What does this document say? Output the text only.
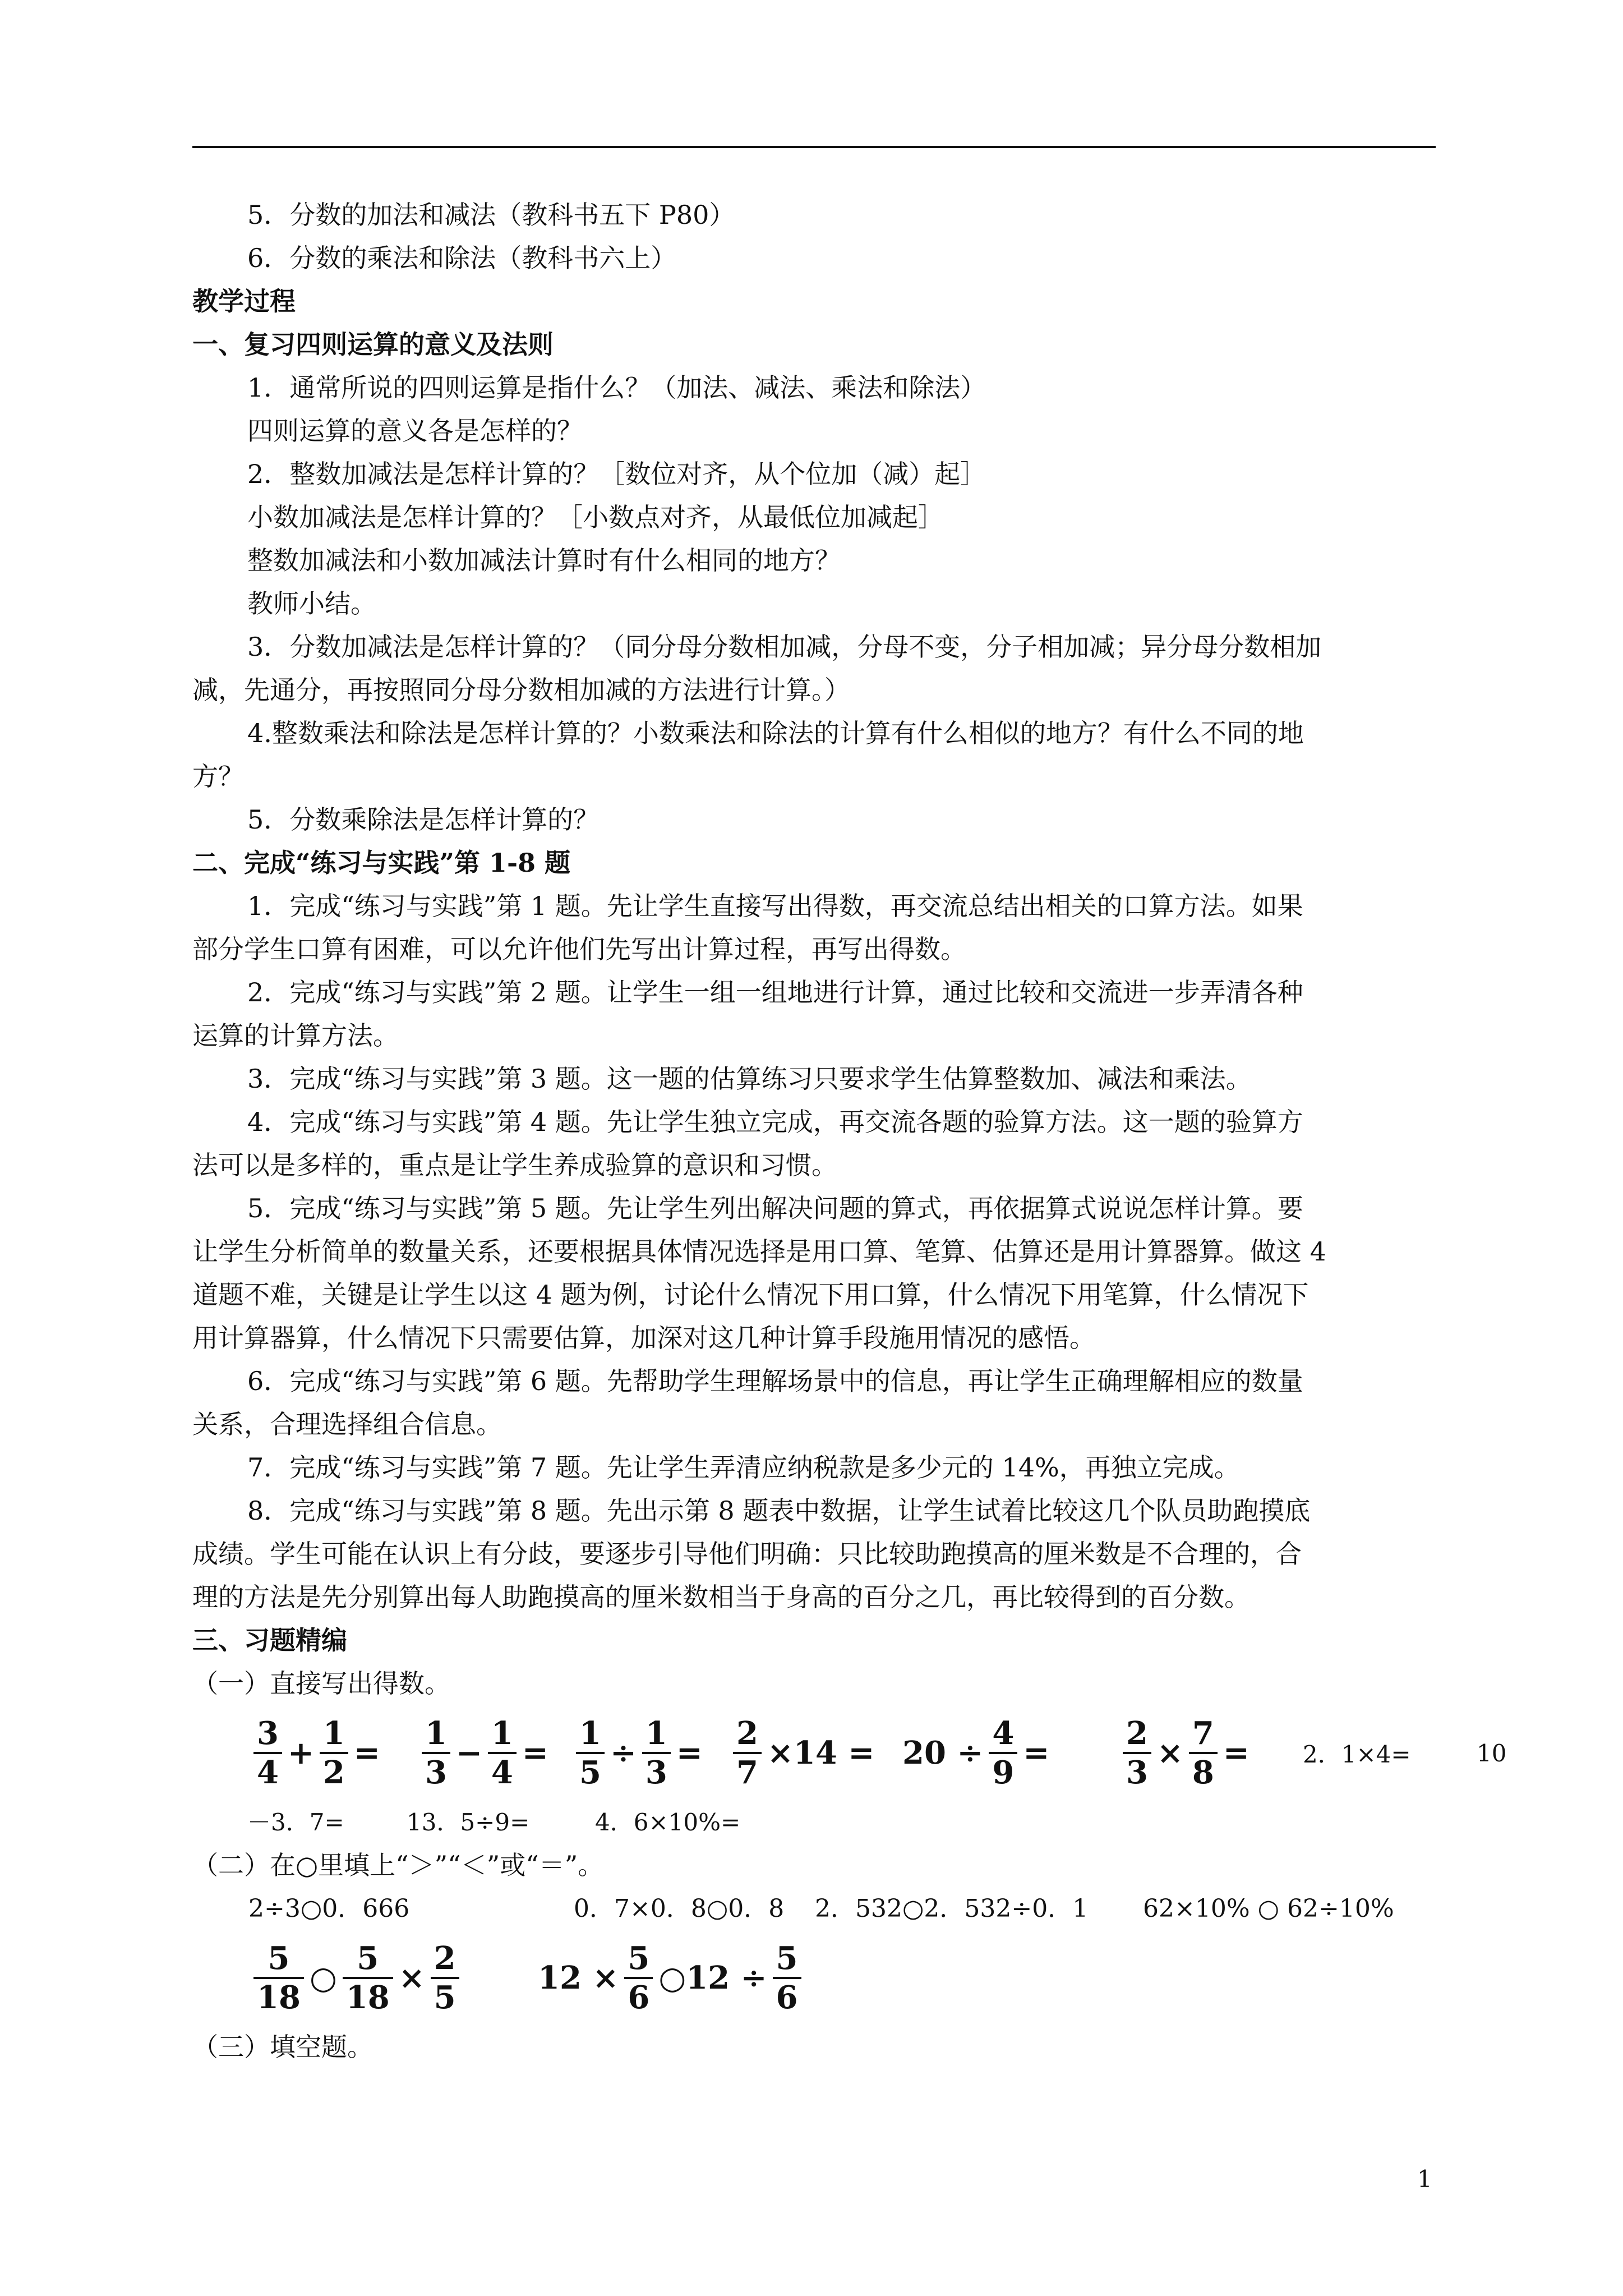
5．分数的加法和减法（教科书五下 P80）
6．分数的乘法和除法（教科书六上）
教学过程
一、复习四则运算的意义及法则
1．通常所说的四则运算是指什么？（加法、减法、乘法和除法）
四则运算的意义各是怎样的？
2．整数加减法是怎样计算的？［数位对齐，从个位加（减）起］
小数加减法是怎样计算的？［小数点对齐，从最低位加减起］
整数加减法和小数加减法计算时有什么相同的地方？
教师小结。
3．分数加减法是怎样计算的？（同分母分数相加减，分母不变，分子相加减；异分母分数相加
减，先通分，再按照同分母分数相加减的方法进行计算。）
4.整数乘法和除法是怎样计算的？小数乘法和除法的计算有什么相似的地方？有什么不同的地
方？
5．分数乘除法是怎样计算的？
二、完成“练习与实践”第 1-8 题
1．完成“练习与实践”第 1 题。先让学生直接写出得数，再交流总结出相关的口算方法。如果
部分学生口算有困难，可以允许他们先写出计算过程，再写出得数。
2．完成“练习与实践”第 2 题。让学生一组一组地进行计算，通过比较和交流进一步弄清各种
运算的计算方法。
3．完成“练习与实践”第 3 题。这一题的估算练习只要求学生估算整数加、减法和乘法。
4．完成“练习与实践”第 4 题。先让学生独立完成，再交流各题的验算方法。这一题的验算方
法可以是多样的，重点是让学生养成验算的意识和习惯。
5．完成“练习与实践”第 5 题。先让学生列出解决问题的算式，再依据算式说说怎样计算。要
让学生分析简单的数量关系，还要根据具体情况选择是用口算、笔算、估算还是用计算器算。做这 4
道题不难，关键是让学生以这 4 题为例，讨论什么情况下用口算，什么情况下用笔算，什么情况下
用计算器算，什么情况下只需要估算，加深对这几种计算手段施用情况的感悟。
6．完成“练习与实践”第 6 题。先帮助学生理解场景中的信息，再让学生正确理解相应的数量
关系，合理选择组合信息。
7．完成“练习与实践”第 7 题。先让学生弄清应纳税款是多少元的 14%，再独立完成。
8．完成“练习与实践”第 8 题。先出示第 8 题表中数据，让学生试着比较这几个队员助跑摸底
成绩。学生可能在认识上有分歧，要逐步引导他们明确：只比较助跑摸高的厘米数是不合理的，合
理的方法是先分别算出每人助跑摸高的厘米数相当于身高的百分之几，再比较得到的百分数。
三、习题精编
（一）直接写出得数。
$\frac{3}{4} + \frac{1}{2} = \frac{1}{3} - \frac{1}{4} = \frac{1}{5} \div \frac{1}{3} = \frac{2}{7} \times 14 = 20 \div \frac{4}{9} = \frac{2}{3} \times \frac{7}{8} = 2$．1×4=	10
－3．7=	13．5÷9=	4．6×10%=
（二）在○里填上“＞”“＜”或“＝”。
2÷3○0．666	0．7×0．8○0．8 2．532○2．532÷0．1 62×10% ○ 62÷10%
$\frac{5}{18}$ ○ $\frac{5}{18} \times \frac{2}{5}$	$12 \times \frac{5}{6}$ ○12 ÷ $\frac{5}{6}$
（三）填空题。
1
